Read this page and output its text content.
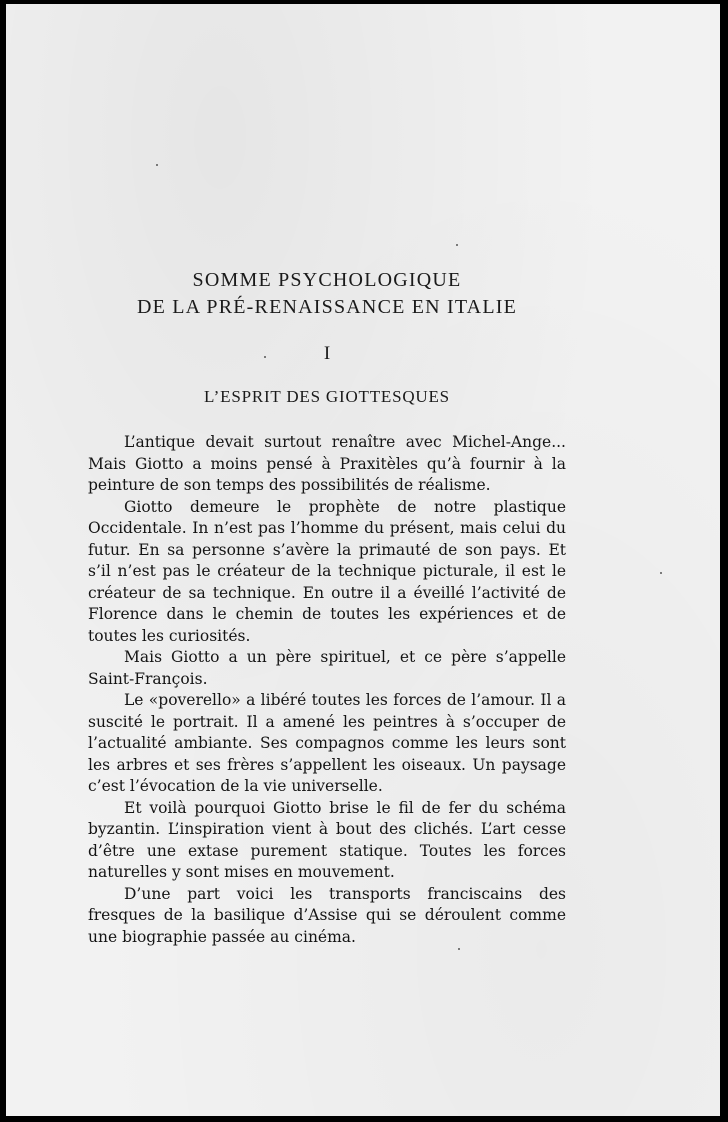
SOMME PSYCHOLOGIQUE
DE LA PRÉ-RENAISSANCE EN ITALIE
I
L’ESPRIT DES GIOTTESQUES

L’antique devait surtout renaître avec Michel-Ange... Mais Giotto a moins pensé à Praxitèles qu’à fournir à la peinture de son temps des possibilités de réalisme.

Giotto demeure le prophète de notre plastique Occidentale. In n’est pas l’homme du présent, mais celui du futur. En sa personne s’avère la primauté de son pays. Et s’il n’est pas le créateur de la technique picturale, il est le créateur de sa technique. En outre il a éveillé l’activité de Florence dans le chemin de toutes les expériences et de toutes les curiosités.

Mais Giotto a un père spirituel, et ce père s’appelle Saint-François.

Le «poverello» a libéré toutes les forces de l’amour. Il a suscité le portrait. Il a amené les peintres à s’occuper de l’actualité ambiante. Ses compagnos comme les leurs sont les arbres et ses frères s’appellent les oiseaux. Un paysage c’est l’évocation de la vie universelle.

Et voilà pourquoi Giotto brise le fil de fer du schéma byzantin. L’inspiration vient à bout des clichés. L’art cesse d’être une extase purement statique. Toutes les forces naturelles y sont mises en mouvement.

D’une part voici les transports franciscains des fresques de la basilique d’Assise qui se déroulent comme une biographie passée au cinéma.
